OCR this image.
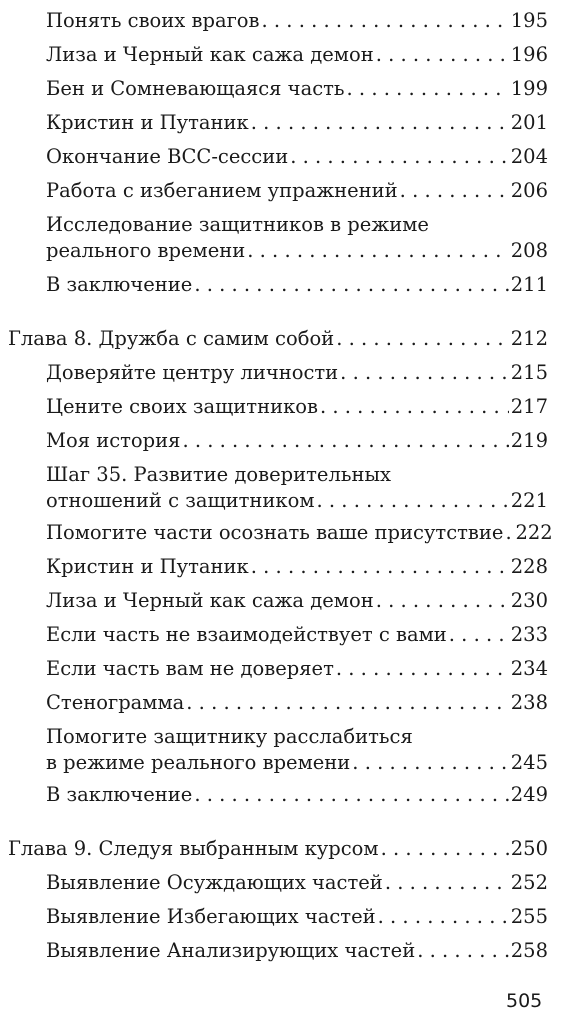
Понять своих врагов . . .	195
Лиза и Черный как сажа демон . . .	196
Бен и Сомневающаяся часть . . .	199
Кристин и Путаник . . .	201
Окончание ВСС-сессии . . .	204
Работа с избеганием упражнений . . .	206
Исследование защитников в режиме
реального времени . . .	208
В заключение . . .	211
Глава 8. Дружба с самим собой . . .	212
Доверяйте центру личности . . .	215
Цените своих защитников . . .	217
Моя история . . .	219
Шаг 35. Развитие доверительных
отношений с защитником . . .	221
Помогите части осознать ваше присутствие . . . 222
Кристин и Путаник . . .	228
Лиза и Черный как сажа демон . . .	230
Если часть не взаимодействует с вами . . .	233
Если часть вам не доверяет . . .	234
Стенограмма . . .	238
Помогите защитнику расслабиться
в режиме реального времени . . .	245
В заключение . . .	249
Глава 9. Следуя выбранным курсом . . .	250
Выявление Осуждающих частей . . .	252
Выявление Избегающих частей . . .	255
Выявление Анализирующих частей . . .	258
505
